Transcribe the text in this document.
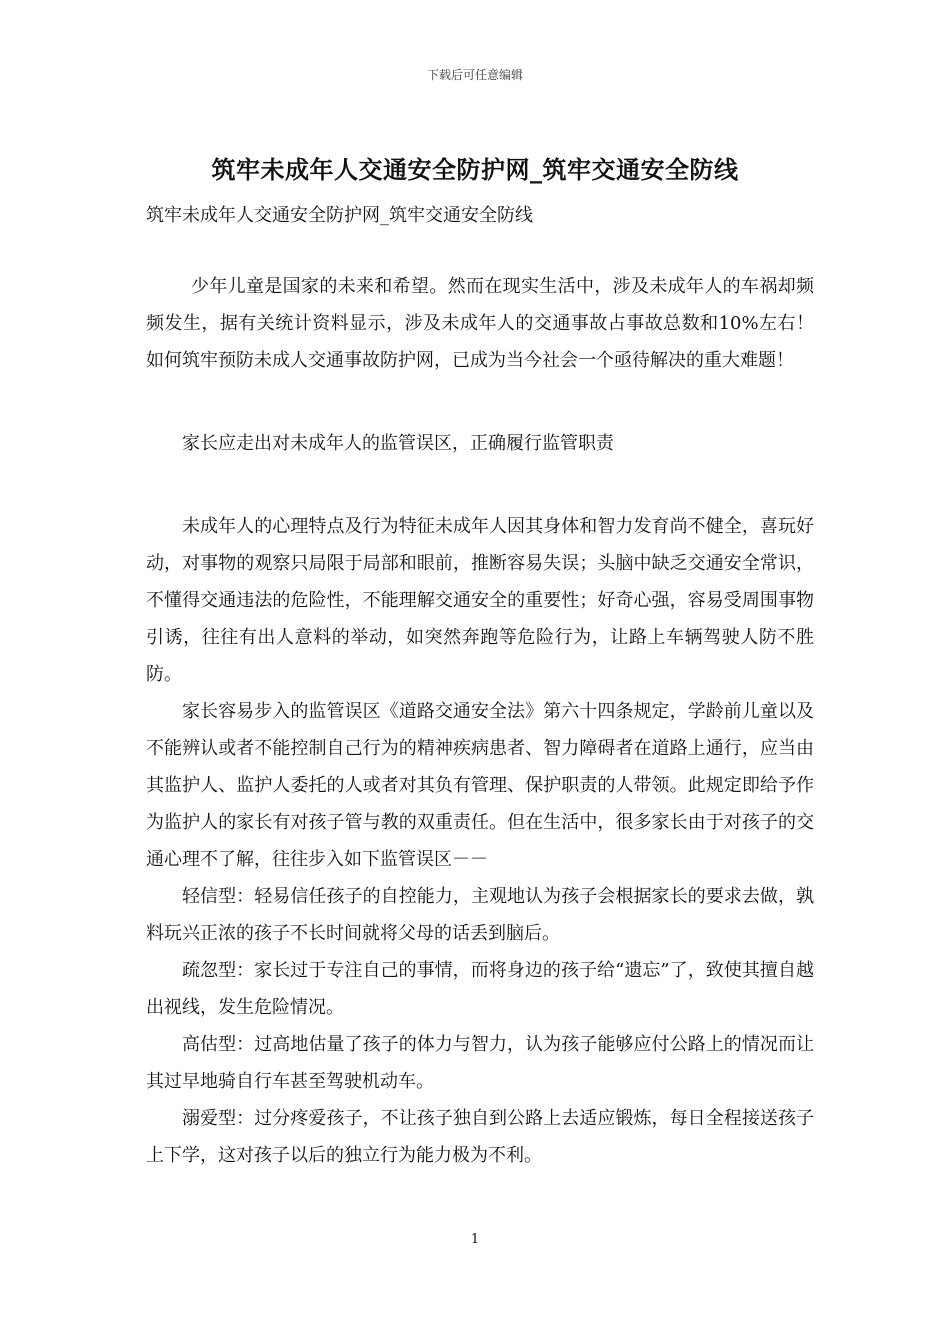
下载后可任意编辑
筑牢未成年人交通安全防护网_筑牢交通安全防线

筑牢未成年人交通安全防护网_筑牢交通安全防线

少年儿童是国家的未来和希望。然而在现实生活中，涉及未成年人的车祸却频频发生，据有关统计资料显示，涉及未成年人的交通事故占事故总数和10%左右！如何筑牢预防未成人交通事故防护网，已成为当今社会一个亟待解决的重大难题！

家长应走出对未成年人的监管误区，正确履行监管职责

未成年人的心理特点及行为特征未成年人因其身体和智力发育尚不健全，喜玩好动，对事物的观察只局限于局部和眼前，推断容易失误；头脑中缺乏交通安全常识，不懂得交通违法的危险性，不能理解交通安全的重要性；好奇心强，容易受周围事物引诱，往往有出人意料的举动，如突然奔跑等危险行为，让路上车辆驾驶人防不胜防。

家长容易步入的监管误区《道路交通安全法》第六十四条规定，学龄前儿童以及不能辨认或者不能控制自己行为的精神疾病患者、智力障碍者在道路上通行，应当由其监护人、监护人委托的人或者对其负有管理、保护职责的人带领。此规定即给予作为监护人的家长有对孩子管与教的双重责任。但在生活中，很多家长由于对孩子的交通心理不了解，往往步入如下监管误区－－

轻信型：轻易信任孩子的自控能力，主观地认为孩子会根据家长的要求去做，孰料玩兴正浓的孩子不长时间就将父母的话丢到脑后。

疏忽型：家长过于专注自己的事情，而将身边的孩子给“遗忘”了，致使其擅自越出视线，发生危险情况。

高估型：过高地估量了孩子的体力与智力，认为孩子能够应付公路上的情况而让其过早地骑自行车甚至驾驶机动车。

溺爱型：过分疼爱孩子，不让孩子独自到公路上去适应锻炼，每日全程接送孩子上下学，这对孩子以后的独立行为能力极为不利。

1
